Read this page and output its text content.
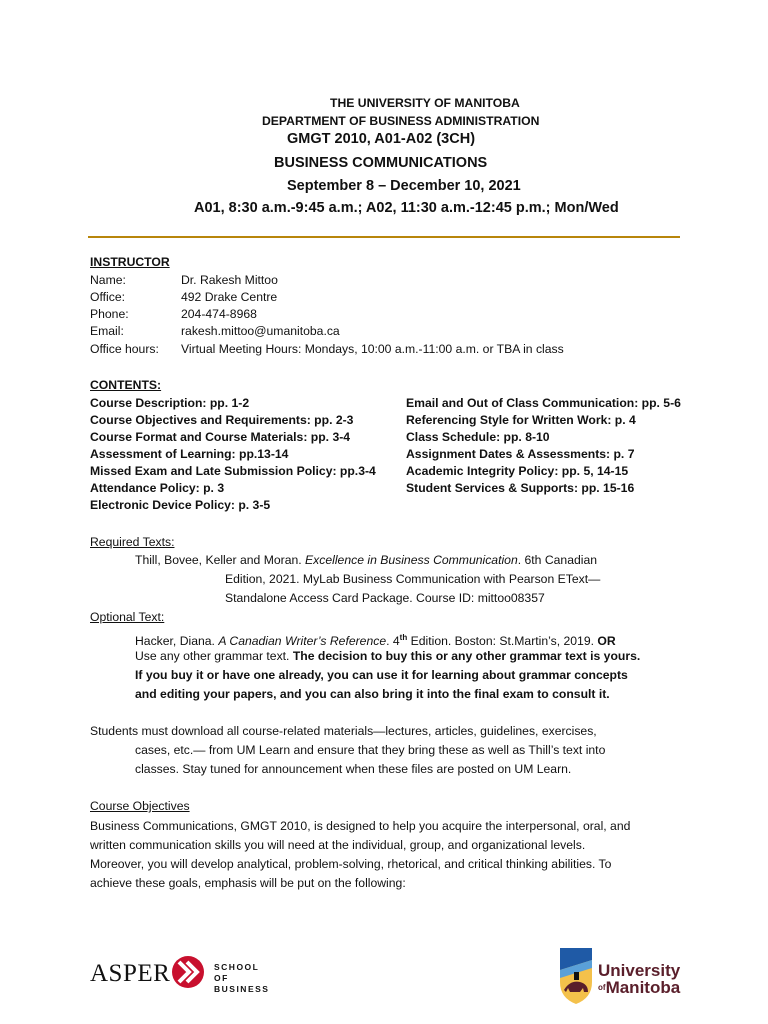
THE UNIVERSITY OF MANITOBA
DEPARTMENT OF BUSINESS ADMINISTRATION
GMGT 2010, A01-A02 (3CH)
BUSINESS COMMUNICATIONS
September 8 – December 10, 2021
A01, 8:30 a.m.-9:45 a.m.; A02, 11:30 a.m.-12:45 p.m.; Mon/Wed
INSTRUCTOR
Name:	Dr. Rakesh Mittoo
Office:	492 Drake Centre
Phone:	204-474-8968
Email:	rakesh.mittoo@umanitoba.ca
Office hours: Virtual Meeting Hours: Mondays, 10:00 a.m.-11:00 a.m. or TBA in class
CONTENTS:
Course Description: pp. 1-2
Course Objectives and Requirements: pp. 2-3
Course Format and Course Materials: pp. 3-4
Assessment of Learning: pp.13-14
Missed Exam and Late Submission Policy: pp.3-4
Attendance Policy: p. 3
Electronic Device Policy: p. 3-5
Email and Out of Class Communication: pp. 5-6
Referencing Style for Written Work: p. 4
Class Schedule: pp. 8-10
Assignment Dates & Assessments: p. 7
Academic Integrity Policy: pp. 5, 14-15
Student Services & Supports: pp. 15-16
Required Texts:
Thill, Bovee, Keller and Moran. Excellence in Business Communication. 6th Canadian
Edition, 2021. MyLab Business Communication with Pearson EText—
Standalone Access Card Package. Course ID: mittoo08357
Optional Text:
Hacker, Diana. A Canadian Writer’s Reference. 4th Edition. Boston: St.Martin’s, 2019. OR
Use any other grammar text. The decision to buy this or any other grammar text is yours.
If you buy it or have one already, you can use it for learning about grammar concepts
and editing your papers, and you can also bring it into the final exam to consult it.
Students must download all course-related materials—lectures, articles, guidelines, exercises,
cases, etc.— from UM Learn and ensure that they bring these as well as Thill’s text into
classes. Stay tuned for announcement when these files are posted on UM Learn.
Course Objectives
Business Communications, GMGT 2010, is designed to help you acquire the interpersonal, oral, and
written communication skills you will need at the individual, group, and organizational levels.
Moreover, you will develop analytical, problem-solving, rhetorical, and critical thinking abilities. To
achieve these goals, emphasis will be put on the following:
ASPER	SCHOOL OF
BUSINESS
University
$^{of}$Manitoba
